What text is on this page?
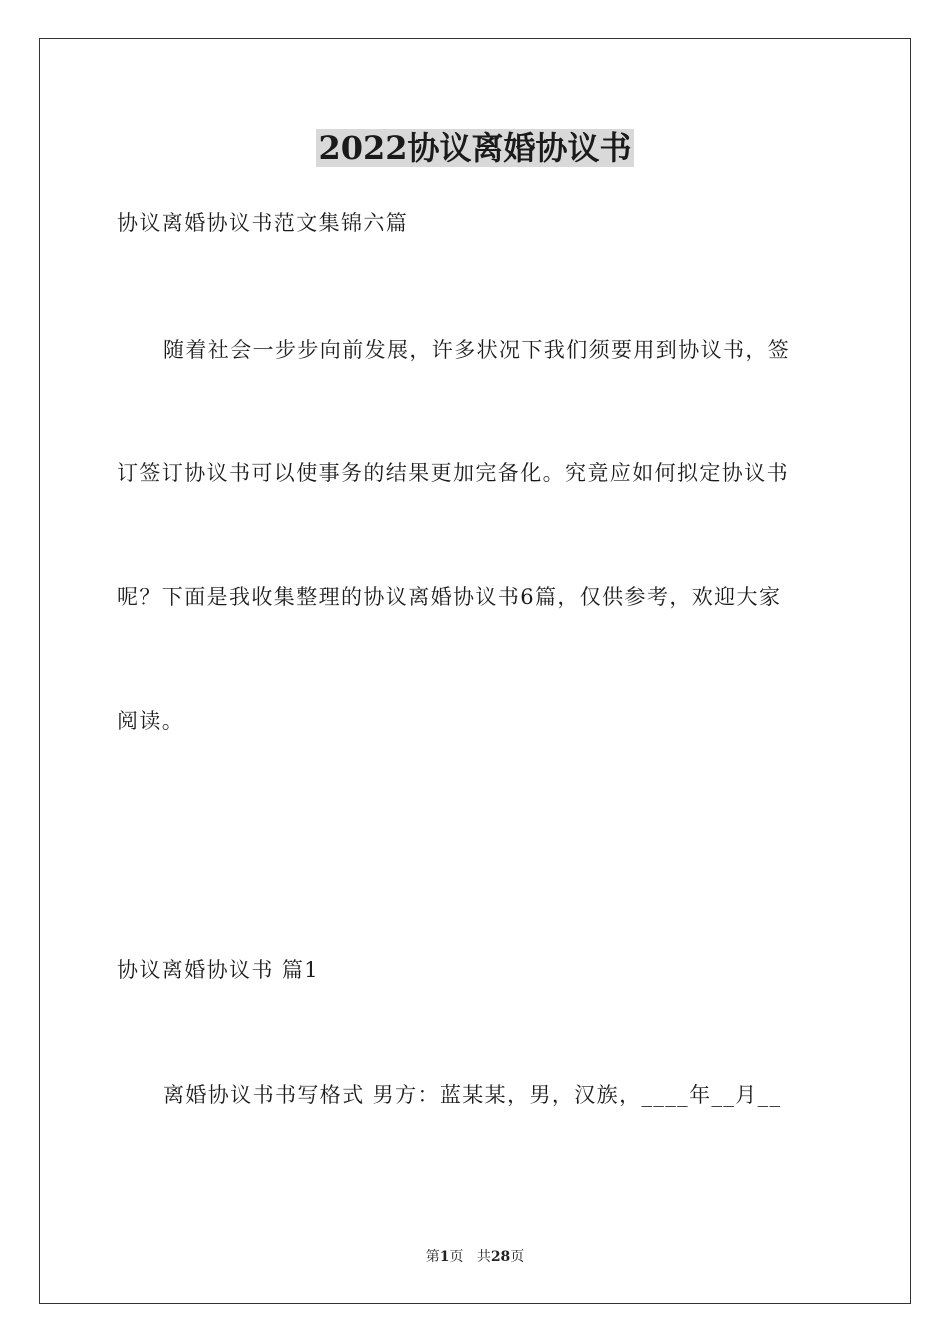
2022协议离婚协议书
协议离婚协议书范文集锦六篇
随着社会一步步向前发展，许多状况下我们须要用到协议书，签
订签订协议书可以使事务的结果更加完备化。究竟应如何拟定协议书
呢？下面是我收集整理的协议离婚协议书6篇，仅供参考，欢迎大家
阅读。
协议离婚协议书 篇1
离婚协议书书写格式 男方：蓝某某，男，汉族，____年__月__
第1页 共28页
